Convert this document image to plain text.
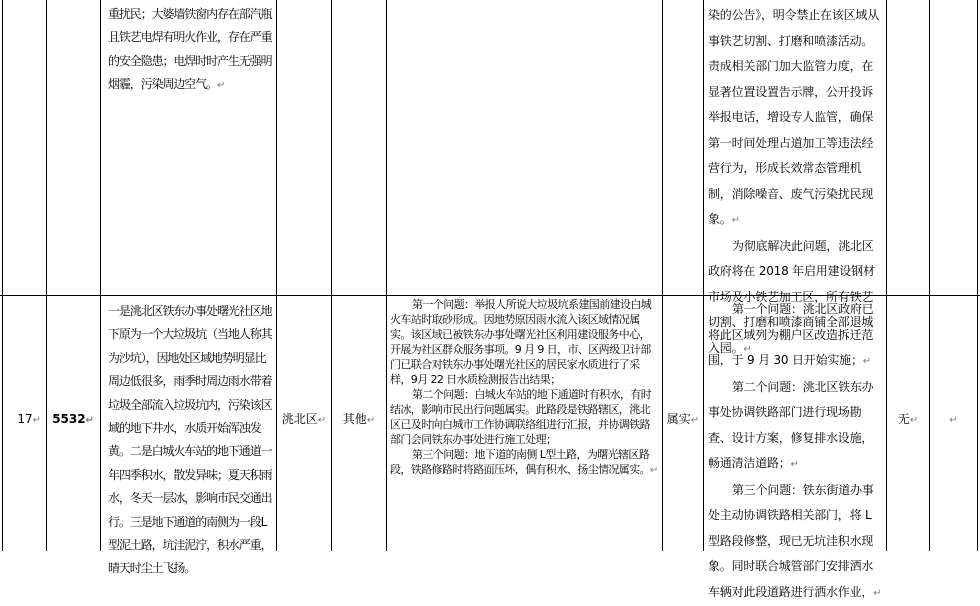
重扰民；大婆墙铁窗内存在部汽瓶且铁艺电焊有明火作业，存在严重的安全隐患；电焊时时产生无强明烟霾，污染周边空气。↵

染的公告》，明令禁止在该区域从事铁艺切割、打磨和喷漆活动。责成相关部门加大监管力度，在显著位置设置告示牌，公开投诉举报电话，增设专人监管，确保第一时间处理占道加工等违法经营行为，形成长效常态管理机制，消除噪音、废气污染扰民现象。↵

为彻底解决此问题，洮北区政府将在 2018 年启用建设钢材市场及小铁艺加工区，所有铁艺切割、打磨和喷漆商铺全部退城入园。↵

17↵ 5532↵
一是洮北区铁东办事处曙光社区地下原为一个大垃圾坑（当地人称其为沙坑），因地处区域地势明显比周边低很多，雨季时周边雨水带着垃圾全部流入垃圾坑内，污染该区域的地下井水，水质开始浑浊发黄。二是白城火车站的地下通道一年四季积水，散发异味；夏天积雨水，冬天一层冰，影响市民交通出行。三是地下通道的南侧为一段L型泥土路，坑洼泥泞，积水严重，晴天时尘土飞扬。
洮北区↵	其他↵

第一个问题：举报人所说大垃圾坑系建国前建设白城火车站时取砂形成。因地势原因雨水流入该区域情况属实。该区域已被铁东办事处曙光社区利用建设服务中心，开展为社区群众服务事项。9 月 9 日，市、区两级卫计部门已联合对铁东办事处曙光社区的居民家水质进行了采样，9月 22 日水质检测报告出结果；

第二个问题：白城火车站的地下通道时有积水，有时结冰，影响市民出行问题属实。此路段是铁路辖区，洮北区已及时向白城市工作协调联络组进行汇报，并协调铁路部门会同铁东办事处进行施工处理；

第三个问题：地下道的南侧 L型土路，为曙光辖区路段，铁路修路时将路面压坏，偶有积水、扬尘情况属实。↵

属实↵

第一个问题：洮北区政府已将此区域列为棚户区改造拆迁范围，于 9 月 30 日开始实施；↵

第二个问题：洮北区铁东办事处协调铁路部门进行现场勘查、设计方案，修复排水设施，畅通清洁道路；↵

第三个问题：铁东街道办事处主动协调铁路相关部门，将 L 型路段修整，现已无坑洼积水现象。同时联合城管部门安排洒水车辆对此段道路进行洒水作业，↵

无↵	↵
